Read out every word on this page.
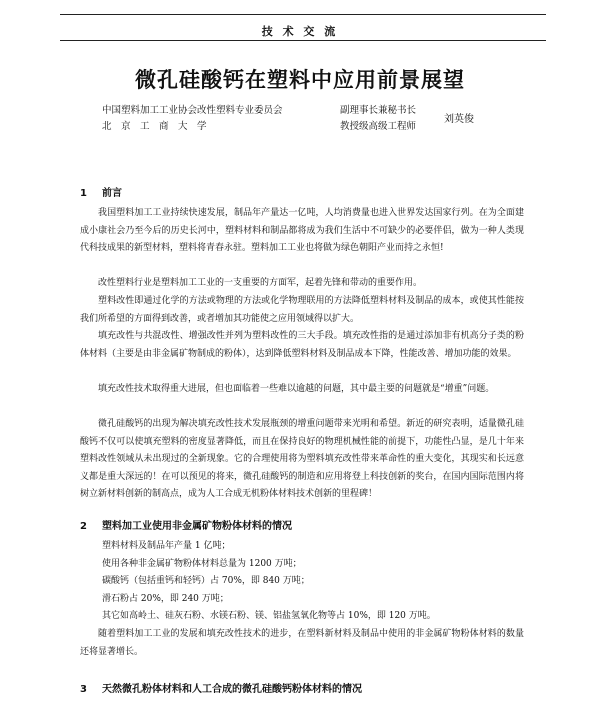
技 术 交 流
微孔硅酸钙在塑料中应用前景展望
中国塑料加工工业协会改性塑料专业委员会	副理事长兼秘书长
北　京　工　商　大　学	教授级高级工程师
刘英俊
1 前言
我国塑料加工工业持续快速发展，制品年产量达一亿吨，人均消费量也进入世界发达国家行列。在为全面建成小康社会乃至今后的历史长河中，塑料材料和制品都将成为我们生活中不可缺少的必要伴侣，做为一种人类现代科技成果的新型材料，塑料将青春永驻。塑料加工工业也将做为绿色朝阳产业而持之永恒!
改性塑料行业是塑料加工工业的一支重要的方面军，起着先锋和带动的重要作用。
塑料改性即通过化学的方法或物理的方法或化学物理联用的方法降低塑料材料及制品的成本，或使其性能按我们所希望的方面得到改善，或者增加其功能使之应用领域得以扩大。
填充改性与共混改性、增强改性并列为塑料改性的三大手段。填充改性指的是通过添加非有机高分子类的粉体材料（主要是由非金属矿物制成的粉体），达到降低塑料材料及制品成本下降，性能改善、增加功能的效果。
填充改性技术取得重大进展，但也面临着一些难以逾越的问题，其中最主要的问题就是“增重”问题。
微孔硅酸钙的出现为解决填充改性技术发展瓶颈的增重问题带来光明和希望。新近的研究表明，适量微孔硅酸钙不仅可以使填充塑料的密度显著降低，而且在保持良好的物理机械性能的前提下，功能性凸显，是几十年来塑料改性领域从未出现过的全新现象。它的合理使用将为塑料填充改性带来革命性的重大变化，其现实和长远意义都是重大深远的！在可以预见的将来，微孔硅酸钙的制造和应用将登上科技创新的奖台，在国内国际范围内将树立新材料创新的制高点，成为人工合成无机粉体材料技术创新的里程碑！
2 塑料加工业使用非金属矿物粉体材料的情况
塑料材料及制品年产量 1 亿吨；
使用各种非金属矿物粉体材料总量为 1200 万吨；
碳酸钙（包括重钙和轻钙）占 70%，即 840 万吨；
滑石粉占 20%，即 240 万吨；
其它如高岭土、硅灰石粉、水镁石粉、镁、铝盐氢氧化物等占 10%，即 120 万吨。
随着塑料加工工业的发展和填充改性技术的进步，在塑料新材料及制品中使用的非金属矿物粉体材料的数量还将显著增长。
3 天然微孔粉体材料和人工合成的微孔硅酸钙粉体材料的情况
